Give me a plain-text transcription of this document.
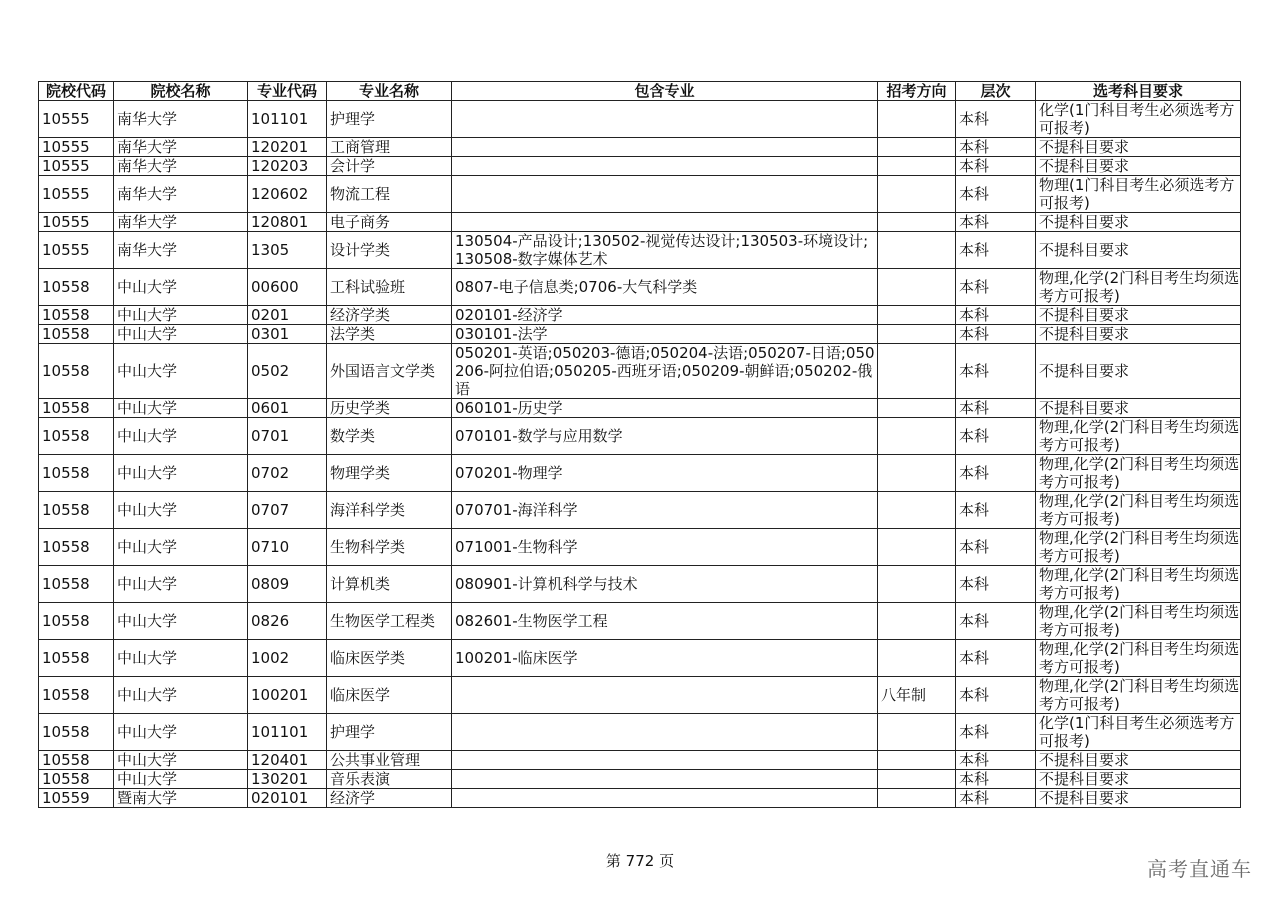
院校代码	院校名称	专业代码	专业名称	包含专业	招考方向	层次	选考科目要求
10555	南华大学	101101	护理学			本科	化学(1门科目考生必须选考方可报考)
10555	南华大学	120201	工商管理			本科	不提科目要求
10555	南华大学	120203	会计学			本科	不提科目要求
10555	南华大学	120602	物流工程			本科	物理(1门科目考生必须选考方可报考)
10555	南华大学	120801	电子商务			本科	不提科目要求
10555	南华大学	1305	设计学类	130504-产品设计;130502-视觉传达设计;130503-环境设计;130508-数字媒体艺术		本科	不提科目要求
10558	中山大学	00600	工科试验班	0807-电子信息类;0706-大气科学类		本科	物理,化学(2门科目考生均须选考方可报考)
10558	中山大学	0201	经济学类	020101-经济学		本科	不提科目要求
10558	中山大学	0301	法学类	030101-法学		本科	不提科目要求
10558	中山大学	0502	外国语言文学类	050201-英语;050203-德语;050204-法语;050207-日语;050206-阿拉伯语;050205-西班牙语;050209-朝鲜语;050202-俄语		本科	不提科目要求
10558	中山大学	0601	历史学类	060101-历史学		本科	不提科目要求
10558	中山大学	0701	数学类	070101-数学与应用数学		本科	物理,化学(2门科目考生均须选考方可报考)
10558	中山大学	0702	物理学类	070201-物理学		本科	物理,化学(2门科目考生均须选考方可报考)
10558	中山大学	0707	海洋科学类	070701-海洋科学		本科	物理,化学(2门科目考生均须选考方可报考)
10558	中山大学	0710	生物科学类	071001-生物科学		本科	物理,化学(2门科目考生均须选考方可报考)
10558	中山大学	0809	计算机类	080901-计算机科学与技术		本科	物理,化学(2门科目考生均须选考方可报考)
10558	中山大学	0826	生物医学工程类	082601-生物医学工程		本科	物理,化学(2门科目考生均须选考方可报考)
10558	中山大学	1002	临床医学类	100201-临床医学		本科	物理,化学(2门科目考生均须选考方可报考)
10558	中山大学	100201	临床医学		八年制	本科	物理,化学(2门科目考生均须选考方可报考)
10558	中山大学	101101	护理学			本科	化学(1门科目考生必须选考方可报考)
10558	中山大学	120401	公共事业管理			本科	不提科目要求
10558	中山大学	130201	音乐表演			本科	不提科目要求
10559	暨南大学	020101	经济学			本科	不提科目要求
第 772 页	高考直通车
